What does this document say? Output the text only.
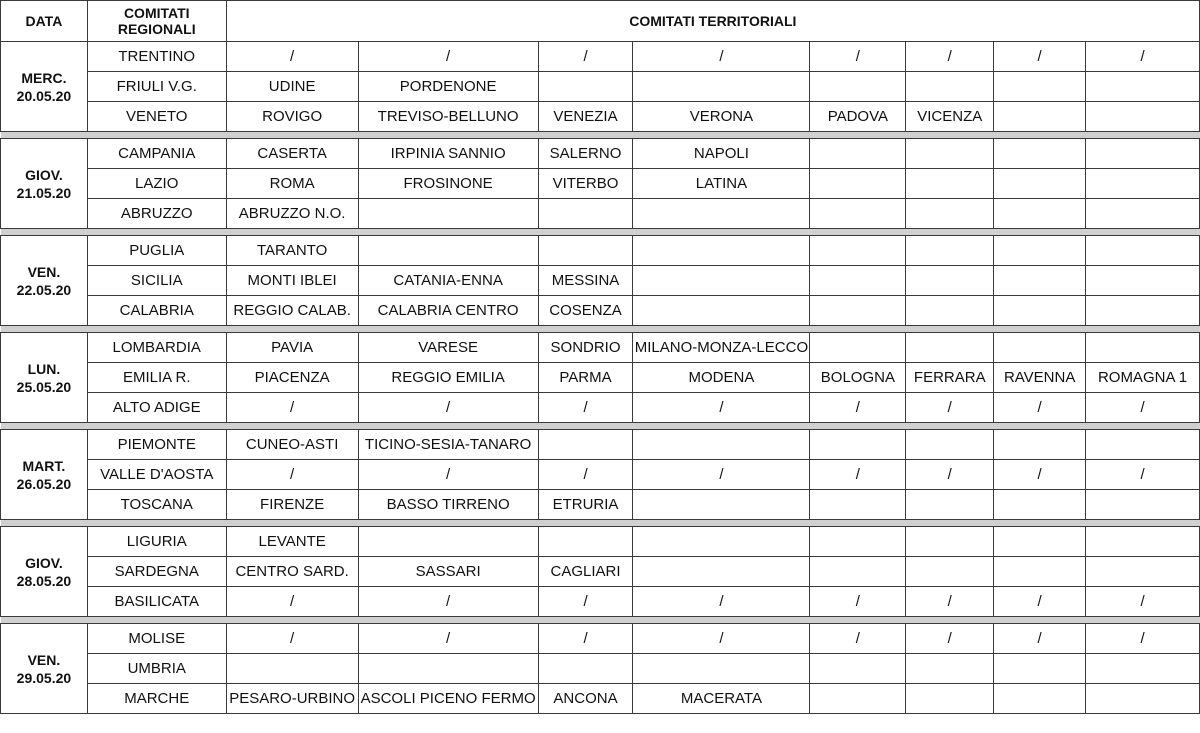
DATA	COMITATI
REGIONALI	COMITATI TERRITORIALI							

MERC.
20.05.20	TRENTINO	/	/	/	/	/	/	/	/
	FRIULI V.G.	UDINE	PORDENONE						
	VENETO	ROVIGO	TREVISO-BELLUNO	VENEZIA	VERONA	PADOVA	VICENZA		

GIOV.
21.05.20	CAMPANIA	CASERTA	IRPINIA SANNIO	SALERNO	NAPOLI				
	LAZIO	ROMA	FROSINONE	VITERBO	LATINA				
	ABRUZZO	ABRUZZO N.O.							

VEN.
22.05.20	PUGLIA	TARANTO							
	SICILIA	MONTI IBLEI	CATANIA-ENNA	MESSINA					
	CALABRIA	REGGIO CALAB.	CALABRIA CENTRO	COSENZA					

LUN.
25.05.20	LOMBARDIA	PAVIA	VARESE	SONDRIO	MILANO-MONZA-LECCO				
	EMILIA R.	PIACENZA	REGGIO EMILIA	PARMA	MODENA	BOLOGNA	FERRARA	RAVENNA	ROMAGNA 1
	ALTO ADIGE	/	/	/	/	/	/	/	/

MART.
26.05.20	PIEMONTE	CUNEO-ASTI	TICINO-SESIA-TANARO						
	VALLE D'AOSTA	/	/	/	/	/	/	/	/
	TOSCANA	FIRENZE	BASSO TIRRENO	ETRURIA					

GIOV.
28.05.20	LIGURIA	LEVANTE							
	SARDEGNA	CENTRO SARD.	SASSARI	CAGLIARI					
	BASILICATA	/	/	/	/	/	/	/	/

VEN.
29.05.20	MOLISE	/	/	/	/	/	/	/	/
	UMBRIA								
	MARCHE	PESARO-URBINO	ASCOLI PICENO FERMO	ANCONA	MACERATA				
